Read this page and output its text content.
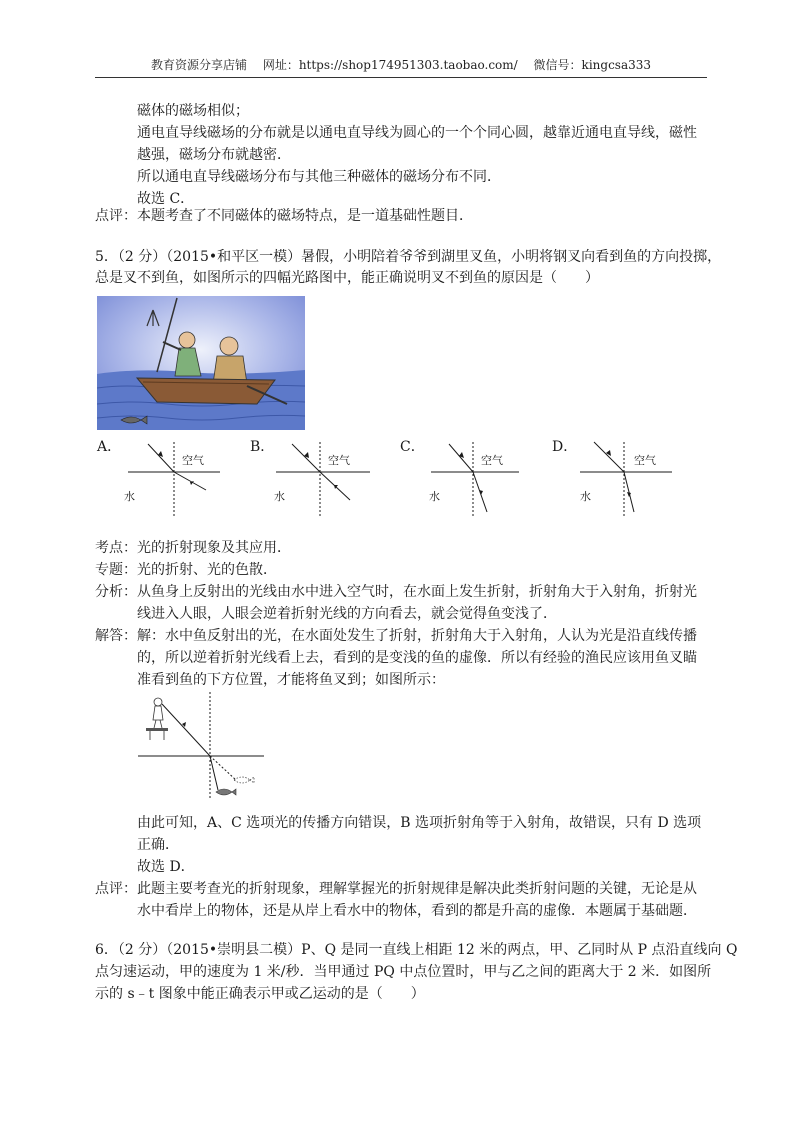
教育资源分享店铺 网址：https://shop174951303.taobao.com/ 微信号：kingcsa333
磁体的磁场相似；
通电直导线磁场的分布就是以通电直导线为圆心的一个个同心圆，越靠近通电直导线，磁性
越强，磁场分布就越密．
所以通电直导线磁场分布与其他三种磁体的磁场分布不同．
故选 C．
点评：本题考查了不同磁体的磁场特点，是一道基础性题目．
5．（2 分）（2015•和平区一模）暑假，小明陪着爷爷到湖里叉鱼，小明将钢叉向看到鱼的方向投掷，
总是叉不到鱼，如图所示的四幅光路图中，能正确说明叉不到鱼的原因是（　　）
A．
空气
水
B．
空气
水
C．
空气
水
D．
空气
水
考点：光的折射现象及其应用．
专题：光的折射、光的色散．
分析：从鱼身上反射出的光线由水中进入空气时，在水面上发生折射，折射角大于入射角，折射光
线进入人眼，人眼会逆着折射光线的方向看去，就会觉得鱼变浅了．
解答：解：水中鱼反射出的光，在水面处发生了折射，折射角大于入射角，人认为光是沿直线传播
的，所以逆着折射光线看上去，看到的是变浅的鱼的虚像．所以有经验的渔民应该用鱼叉瞄
准看到鱼的下方位置，才能将鱼叉到；如图所示：
由此可知，A、C 选项光的传播方向错误，B 选项折射角等于入射角，故错误，只有 D 选项
正确．
故选 D．
点评：此题主要考查光的折射现象，理解掌握光的折射规律是解决此类折射问题的关键，无论是从
水中看岸上的物体，还是从岸上看水中的物体，看到的都是升高的虚像．本题属于基础题．
6．（2 分）（2015•崇明县二模）P、Q 是同一直线上相距 12 米的两点，甲、乙同时从 P 点沿直线向 Q
点匀速运动，甲的速度为 1 米/秒．当甲通过 PQ 中点位置时，甲与乙之间的距离大于 2 米．如图所
示的 s﹣t 图象中能正确表示甲或乙运动的是（　　）
